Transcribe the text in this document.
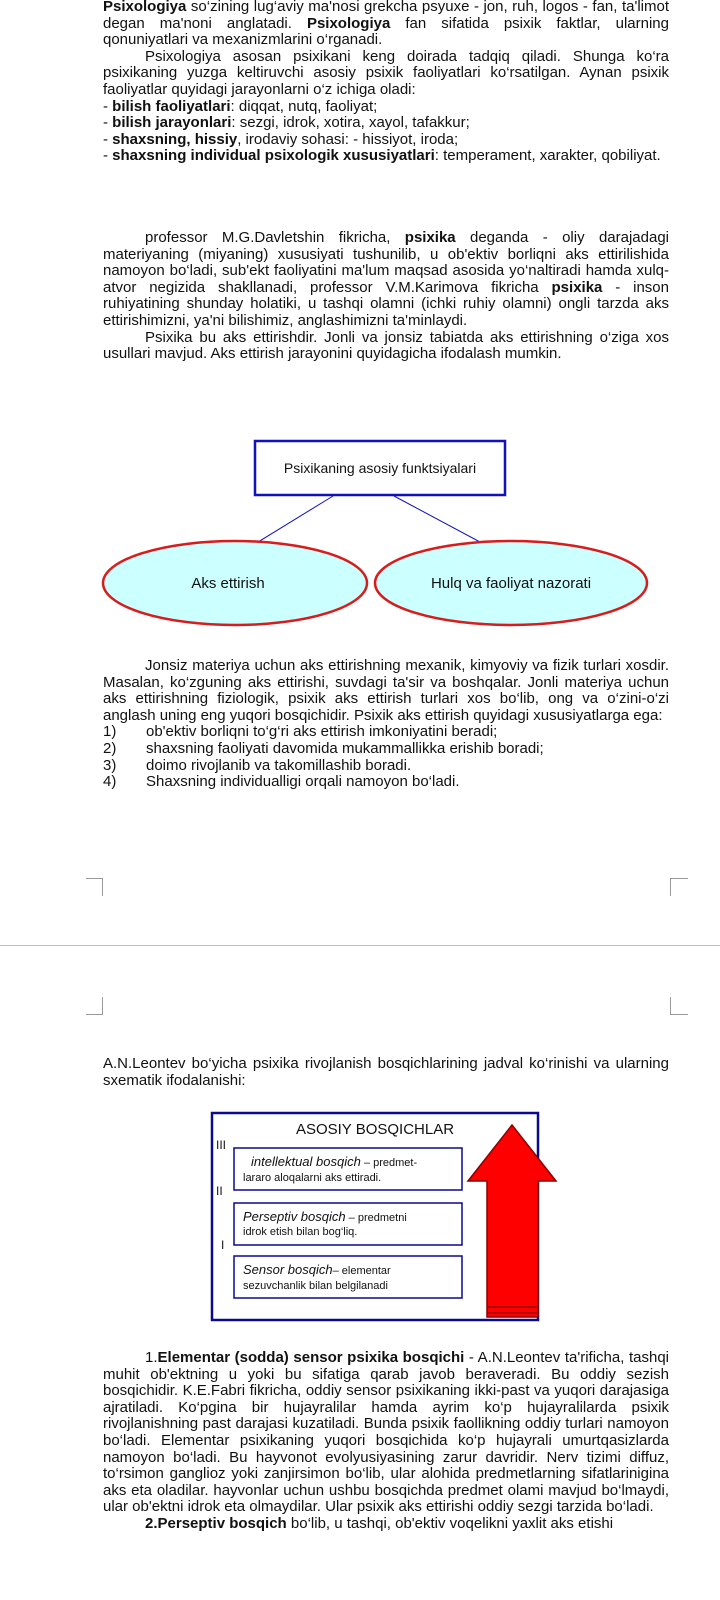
Psixologiya so‘zining lug‘aviy ma'nosi grekcha psyuxe - jon, ruh, logos - fan, ta'limot degan ma'noni anglatadi. Psixologiya fan sifatida psixik faktlar, ularning qonuniyatlari va mexanizmlarini o‘rganadi.

Psixologiya asosan psixikani keng doirada tadqiq qiladi. Shunga ko‘ra psixikaning yuzga keltiruvchi asosiy psixik faoliyatlari ko‘rsatilgan. Aynan psixik faoliyatlar quyidagi jarayonlarni o‘z ichiga oladi:

- bilish faoliyatlari: diqqat, nutq, faoliyat;

- bilish jarayonlari: sezgi, idrok, xotira, xayol, tafakkur;

- shaxsning, hissiy, irodaviy sohasi: - hissiyot, iroda;

- shaxsning individual psixologik xususiyatlari: temperament, xarakter, qobiliyat.

professor M.G.Davletshin fikricha, psixika deganda - oliy darajadagi materiyaning (miyaning) xususiyati tushunilib, u ob'ektiv borliqni aks ettirilishida namoyon bo‘ladi, sub'ekt faoliyatini ma'lum maqsad asosida yo‘naltiradi hamda xulq-atvor negizida shakllanadi, professor V.M.Karimova fikricha psixika - inson ruhiyatining shunday holatiki, u tashqi olamni (ichki ruhiy olamni) ongli tarzda aks ettirishimizni, ya'ni bilishimiz, anglashimizni ta'minlaydi.

Psixika bu aks ettirishdir. Jonli va jonsiz tabiatda aks ettirishning o‘ziga xos usullari mavjud. Aks ettirish jarayonini quyidagicha ifodalash mumkin.

Psixikaning asosiy funktsiyalari
Aks ettirish	Hulq va faoliyat nazorati

Jonsiz materiya uchun aks ettirishning mexanik, kimyoviy va fizik turlari xosdir. Masalan, ko‘zguning aks ettirishi, suvdagi ta'sir va boshqalar. Jonli materiya uchun aks ettirishning fiziologik, psixik aks ettirish turlari xos bo‘lib, ong va o‘zini-o‘zi anglash uning eng yuqori bosqichidir. Psixik aks ettirish quyidagi xususiyatlarga ega:

1)	ob'ektiv borliqni to‘g‘ri aks ettirish imkoniyatini beradi;
2)	shaxsning faoliyati davomida mukammallikka erishib boradi;
3)	doimo rivojlanib va takomillashib boradi.
4)	Shaxsning individualligi orqali namoyon bo‘ladi.

A.N.Leontev bo‘yicha psixika rivojlanish bosqichlarining jadval ko‘rinishi va ularning sxematik ifodalanishi:

ASOSIY BOSQICHLAR
III
II
I
intellektual bosqich – predmet-
lararo aloqalarni aks ettiradi.
Perseptiv bosqich – predmetni
idrok etish bilan bog‘liq.
Sensor bosqich– elementar
sezuvchanlik bilan belgilanadi

1.Elementar (sodda) sensor psixika bosqichi - A.N.Leontev ta'rificha, tashqi muhit ob'ektning u yoki bu sifatiga qarab javob beraveradi. Bu oddiy sezish bosqichidir. K.E.Fabri fikricha, oddiy sensor psixikaning ikki-past va yuqori darajasiga ajratiladi. Ko‘pgina bir hujayralilar hamda ayrim ko‘p hujayralilarda psixik rivojlanishning past darajasi kuzatiladi. Bunda psixik faollikning oddiy turlari namoyon bo‘ladi. Elementar psixikaning yuqori bosqichida ko‘p hujayrali umurtqasizlarda namoyon bo‘ladi. Bu hayvonot evolyusiyasining zarur davridir. Nerv tizimi diffuz, to‘rsimon ganglioz yoki zanjirsimon bo‘lib, ular alohida predmetlarning sifatlarinigina aks eta oladilar. hayvonlar uchun ushbu bosqichda predmet olami mavjud bo‘lmaydi, ular ob'ektni idrok eta olmaydilar. Ular psixik aks ettirishi oddiy sezgi tarzida bo‘ladi.

2.Perseptiv bosqich bo‘lib, u tashqi, ob'ektiv voqelikni yaxlit aks etishi
